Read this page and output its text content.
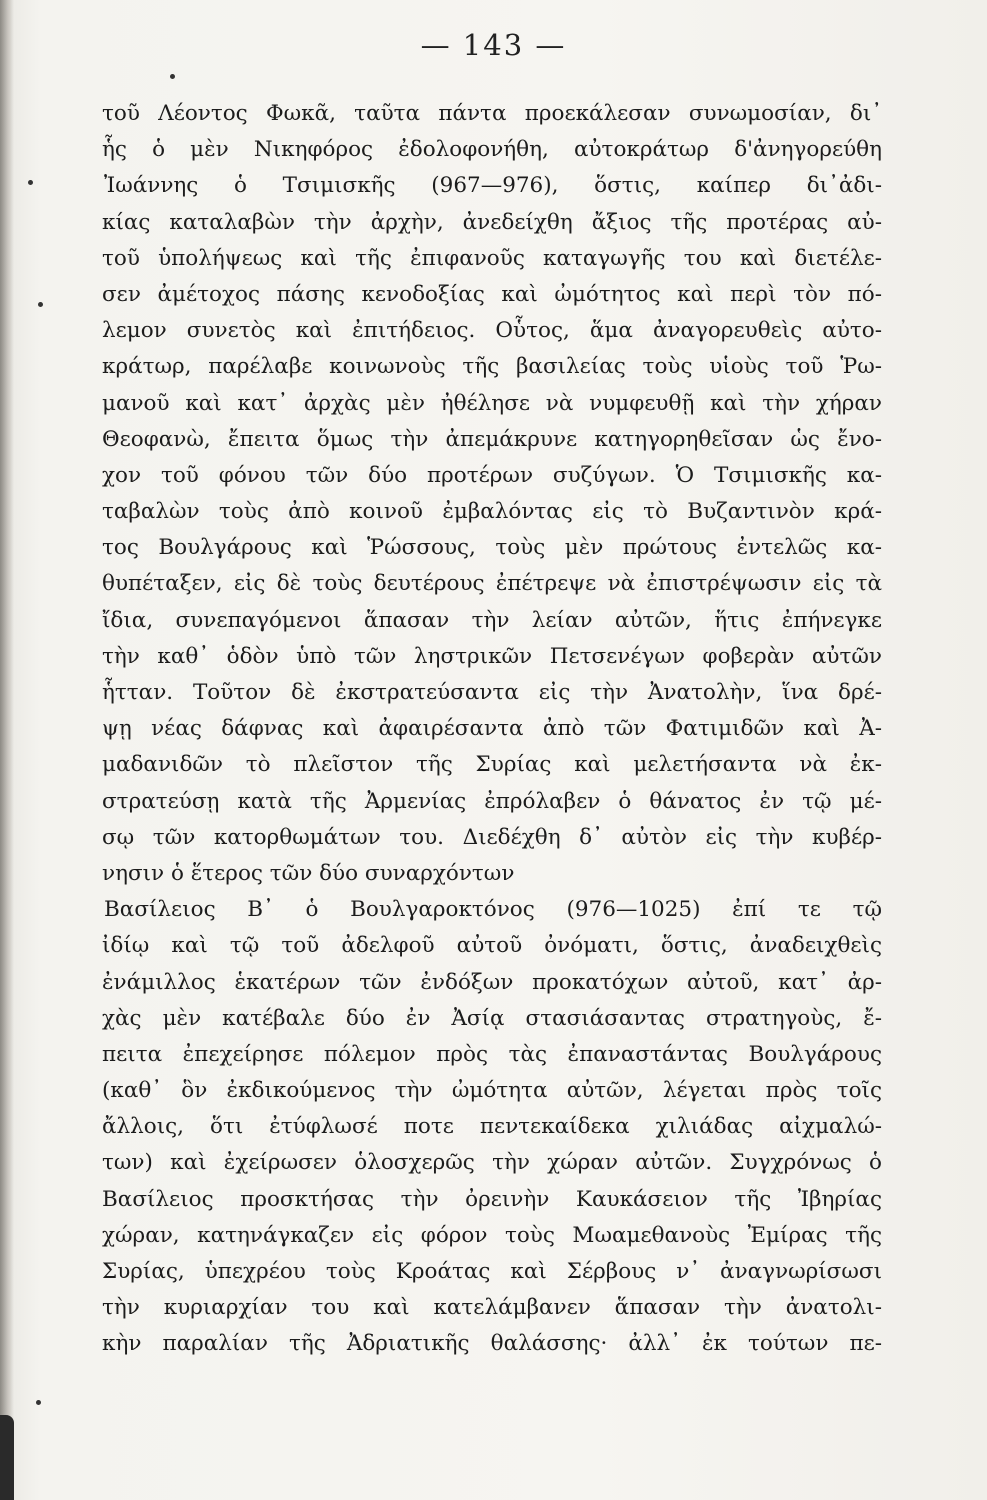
— 143 —
τοῦ Λέοντος Φωκᾶ, ταῦτα πάντα προεκάλεσαν συνωμοσίαν, δι᾽
ἧς ὁ μὲν Νικηφόρος ἐδολοφονήθη, αὐτοκράτωρ δ'ἀνηγορεύθη
Ἰωάννης ὁ Τσιμισκῆς (967—976), ὅστις, καίπερ δι᾽ἀδι-
κίας καταλαβὼν τὴν ἀρχὴν, ἀνεδείχθη ἄξιος τῆς προτέρας αὐ-
τοῦ ὑπολήψεως καὶ τῆς ἐπιφανοῦς καταγωγῆς του καὶ διετέλε-
σεν ἀμέτοχος πάσης κενοδοξίας καὶ ὠμότητος καὶ περὶ τὸν πό-
λεμον συνετὸς καὶ ἐπιτήδειος. Οὗτος, ἅμα ἀναγορευθεὶς αὐτο-
κράτωρ, παρέλαβε κοινωνοὺς τῆς βασιλείας τοὺς υἱοὺς τοῦ Ῥω-
μανοῦ καὶ κατ᾽ ἀρχὰς μὲν ἠθέλησε νὰ νυμφευθῇ καὶ τὴν χήραν
Θεοφανὼ, ἔπειτα ὅμως τὴν ἀπεμάκρυνε κατηγορηθεῖσαν ὡς ἔνο-
χον τοῦ φόνου τῶν δύο προτέρων συζύγων. Ὁ Τσιμισκῆς κα-
ταβαλὼν τοὺς ἀπὸ κοινοῦ ἐμβαλόντας εἰς τὸ Βυζαντινὸν κρά-
τος Βουλγάρους καὶ Ῥώσσους, τοὺς μὲν πρώτους ἐντελῶς κα-
θυπέταξεν, εἰς δὲ τοὺς δευτέρους ἐπέτρεψε νὰ ἐπιστρέψωσιν εἰς τὰ
ἴδια, συνεπαγόμενοι ἅπασαν τὴν λείαν αὐτῶν, ἥτις ἐπήνεγκε
τὴν καθ᾽ ὁδὸν ὑπὸ τῶν ληστρικῶν Πετσενέγων φοβερὰν αὐτῶν
ἧτταν. Τοῦτον δὲ ἐκστρατεύσαντα εἰς τὴν Ἀνατολὴν, ἵνα δρέ-
ψῃ νέας δάφνας καὶ ἀφαιρέσαντα ἀπὸ τῶν Φατιμιδῶν καὶ Ἀ-
μαδανιδῶν τὸ πλεῖστον τῆς Συρίας καὶ μελετήσαντα νὰ ἐκ-
στρατεύσῃ κατὰ τῆς Ἀρμενίας ἐπρόλαβεν ὁ θάνατος ἐν τῷ μέ-
σῳ τῶν κατορθωμάτων του. Διεδέχθη δ᾽ αὐτὸν εἰς τὴν κυβέρ-
νησιν ὁ ἕτερος τῶν δύο συναρχόντων
Βασίλειος Β᾽ ὁ Βουλγαροκτόνος (976—1025) ἐπί τε τῷ
ἰδίῳ καὶ τῷ τοῦ ἀδελφοῦ αὐτοῦ ὀνόματι, ὅστις, ἀναδειχθεὶς
ἐνάμιλλος ἑκατέρων τῶν ἐνδόξων προκατόχων αὐτοῦ, κατ᾽ ἀρ-
χὰς μὲν κατέβαλε δύο ἐν Ἀσίᾳ στασιάσαντας στρατηγοὺς, ἔ-
πειτα ἐπεχείρησε πόλεμον πρὸς τὰς ἐπαναστάντας Βουλγάρους
(καθ᾽ ὃν ἐκδικούμενος τὴν ὠμότητα αὐτῶν, λέγεται πρὸς τοῖς
ἄλλοις, ὅτι ἐτύφλωσέ ποτε πεντεκαίδεκα χιλιάδας αἰχμαλώ-
των) καὶ ἐχείρωσεν ὁλοσχερῶς τὴν χώραν αὐτῶν. Συγχρόνως ὁ
Βασίλειος προσκτήσας τὴν ὀρεινὴν Καυκάσειον τῆς Ἰβηρίας
χώραν, κατηνάγκαζεν εἰς φόρον τοὺς Μωαμεθανοὺς Ἐμίρας τῆς
Συρίας, ὑπεχρέου τοὺς Κροάτας καὶ Σέρβους ν᾽ ἀναγνωρίσωσι
τὴν κυριαρχίαν του καὶ κατελάμβανεν ἅπασαν τὴν ἀνατολι-
κὴν παραλίαν τῆς Ἀδριατικῆς θαλάσσης· ἀλλ᾽ ἐκ τούτων πε-
